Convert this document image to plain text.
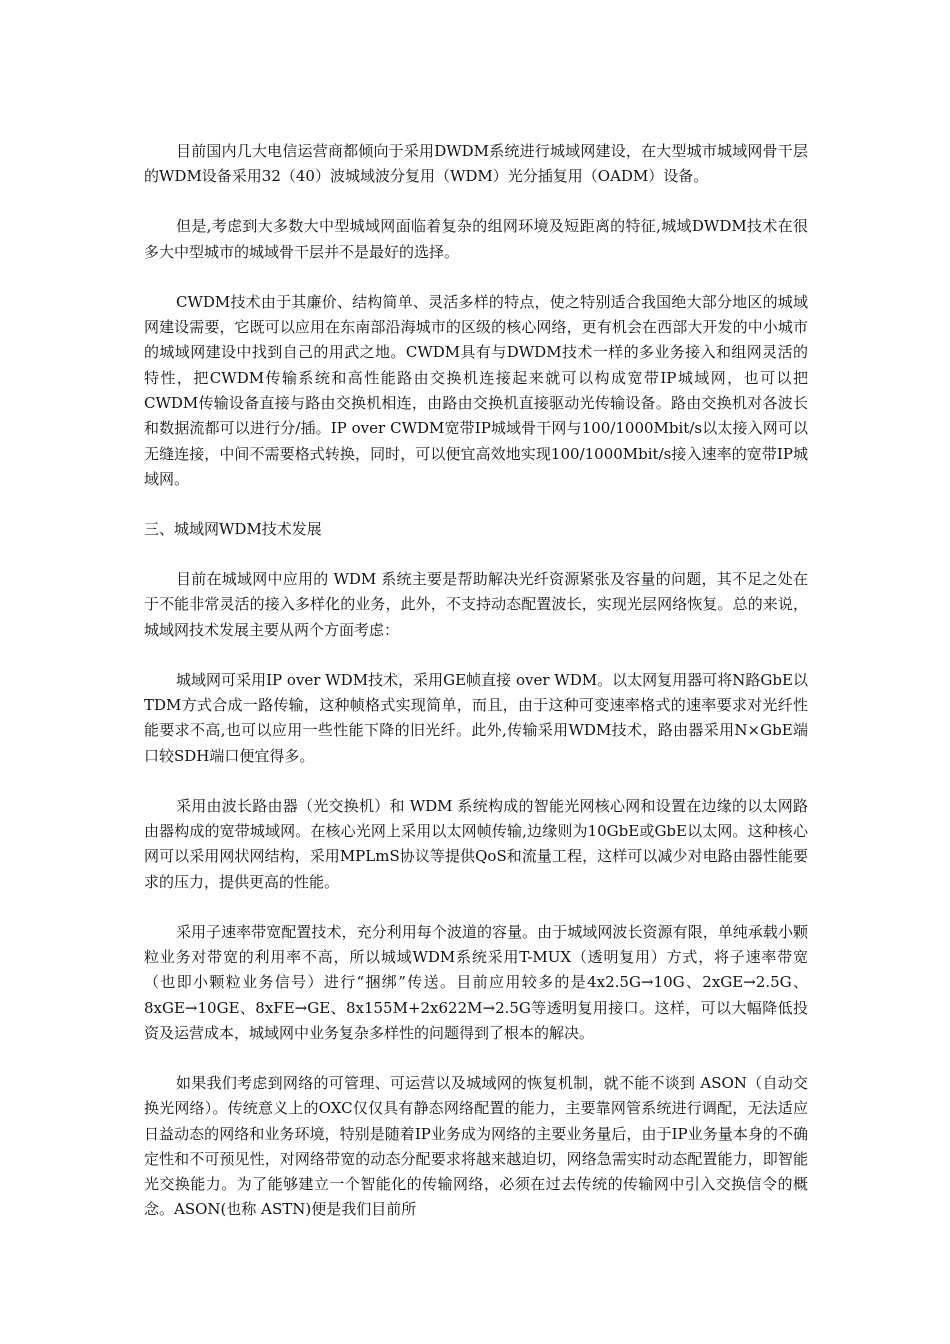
目前国内几大电信运营商都倾向于采用DWDM系统进行城域网建设，在大型城市城域网骨干层的WDM设备采用32（40）波城域波分复用（WDM）光分插复用（OADM）设备。

但是,考虑到大多数大中型城域网面临着复杂的组网环境及短距离的特征,城域DWDM技术在很多大中型城市的城域骨干层并不是最好的选择。

CWDM技术由于其廉价、结构简单、灵活多样的特点，使之特别适合我国绝大部分地区的城域网建设需要，它既可以应用在东南部沿海城市的区级的核心网络，更有机会在西部大开发的中小城市的城域网建设中找到自己的用武之地。CWDM具有与DWDM技术一样的多业务接入和组网灵活的特性，把CWDM传输系统和高性能路由交换机连接起来就可以构成宽带IP城域网，也可以把CWDM传输设备直接与路由交换机相连，由路由交换机直接驱动光传输设备。路由交换机对各波长和数据流都可以进行分/插。IP over CWDM宽带IP城域骨干网与100/1000Mbit/s以太接入网可以无缝连接，中间不需要格式转换，同时，可以便宜高效地实现100/1000Mbit/s接入速率的宽带IP城域网。

三、城域网WDM技术发展

目前在城域网中应用的 WDM 系统主要是帮助解决光纤资源紧张及容量的问题，其不足之处在于不能非常灵活的接入多样化的业务，此外，不支持动态配置波长，实现光层网络恢复。总的来说，城域网技术发展主要从两个方面考虑：

城域网可采用IP over WDM技术，采用GE帧直接 over WDM。以太网复用器可将N路GbE以TDM方式合成一路传输，这种帧格式实现简单，而且，由于这种可变速率格式的速率要求对光纤性能要求不高,也可以应用一些性能下降的旧光纤。此外,传输采用WDM技术，路由器采用N×GbE端口较SDH端口便宜得多。

采用由波长路由器（光交换机）和 WDM 系统构成的智能光网核心网和设置在边缘的以太网路由器构成的宽带城域网。在核心光网上采用以太网帧传输,边缘则为10GbE或GbE以太网。这种核心网可以采用网状网结构，采用MPLmS协议等提供QoS和流量工程，这样可以减少对电路由器性能要求的压力，提供更高的性能。

采用子速率带宽配置技术，充分利用每个波道的容量。由于城域网波长资源有限，单纯承载小颗粒业务对带宽的利用率不高，所以城域WDM系统采用T-MUX（透明复用）方式，将子速率带宽（也即小颗粒业务信号）进行“捆绑”传送。目前应用较多的是4x2.5G→10G、2xGE→2.5G、8xGE→10GE、8xFE→GE、8x155M+2x622M→2.5G等透明复用接口。这样，可以大幅降低投资及运营成本，城域网中业务复杂多样性的问题得到了根本的解决。

如果我们考虑到网络的可管理、可运营以及城域网的恢复机制，就不能不谈到 ASON（自动交换光网络）。传统意义上的OXC仅仅具有静态网络配置的能力，主要靠网管系统进行调配，无法适应日益动态的网络和业务环境，特别是随着IP业务成为网络的主要业务量后，由于IP业务量本身的不确定性和不可预见性，对网络带宽的动态分配要求将越来越迫切，网络急需实时动态配置能力，即智能光交换能力。为了能够建立一个智能化的传输网络，必须在过去传统的传输网中引入交换信令的概念。ASON(也称 ASTN)便是我们目前所
